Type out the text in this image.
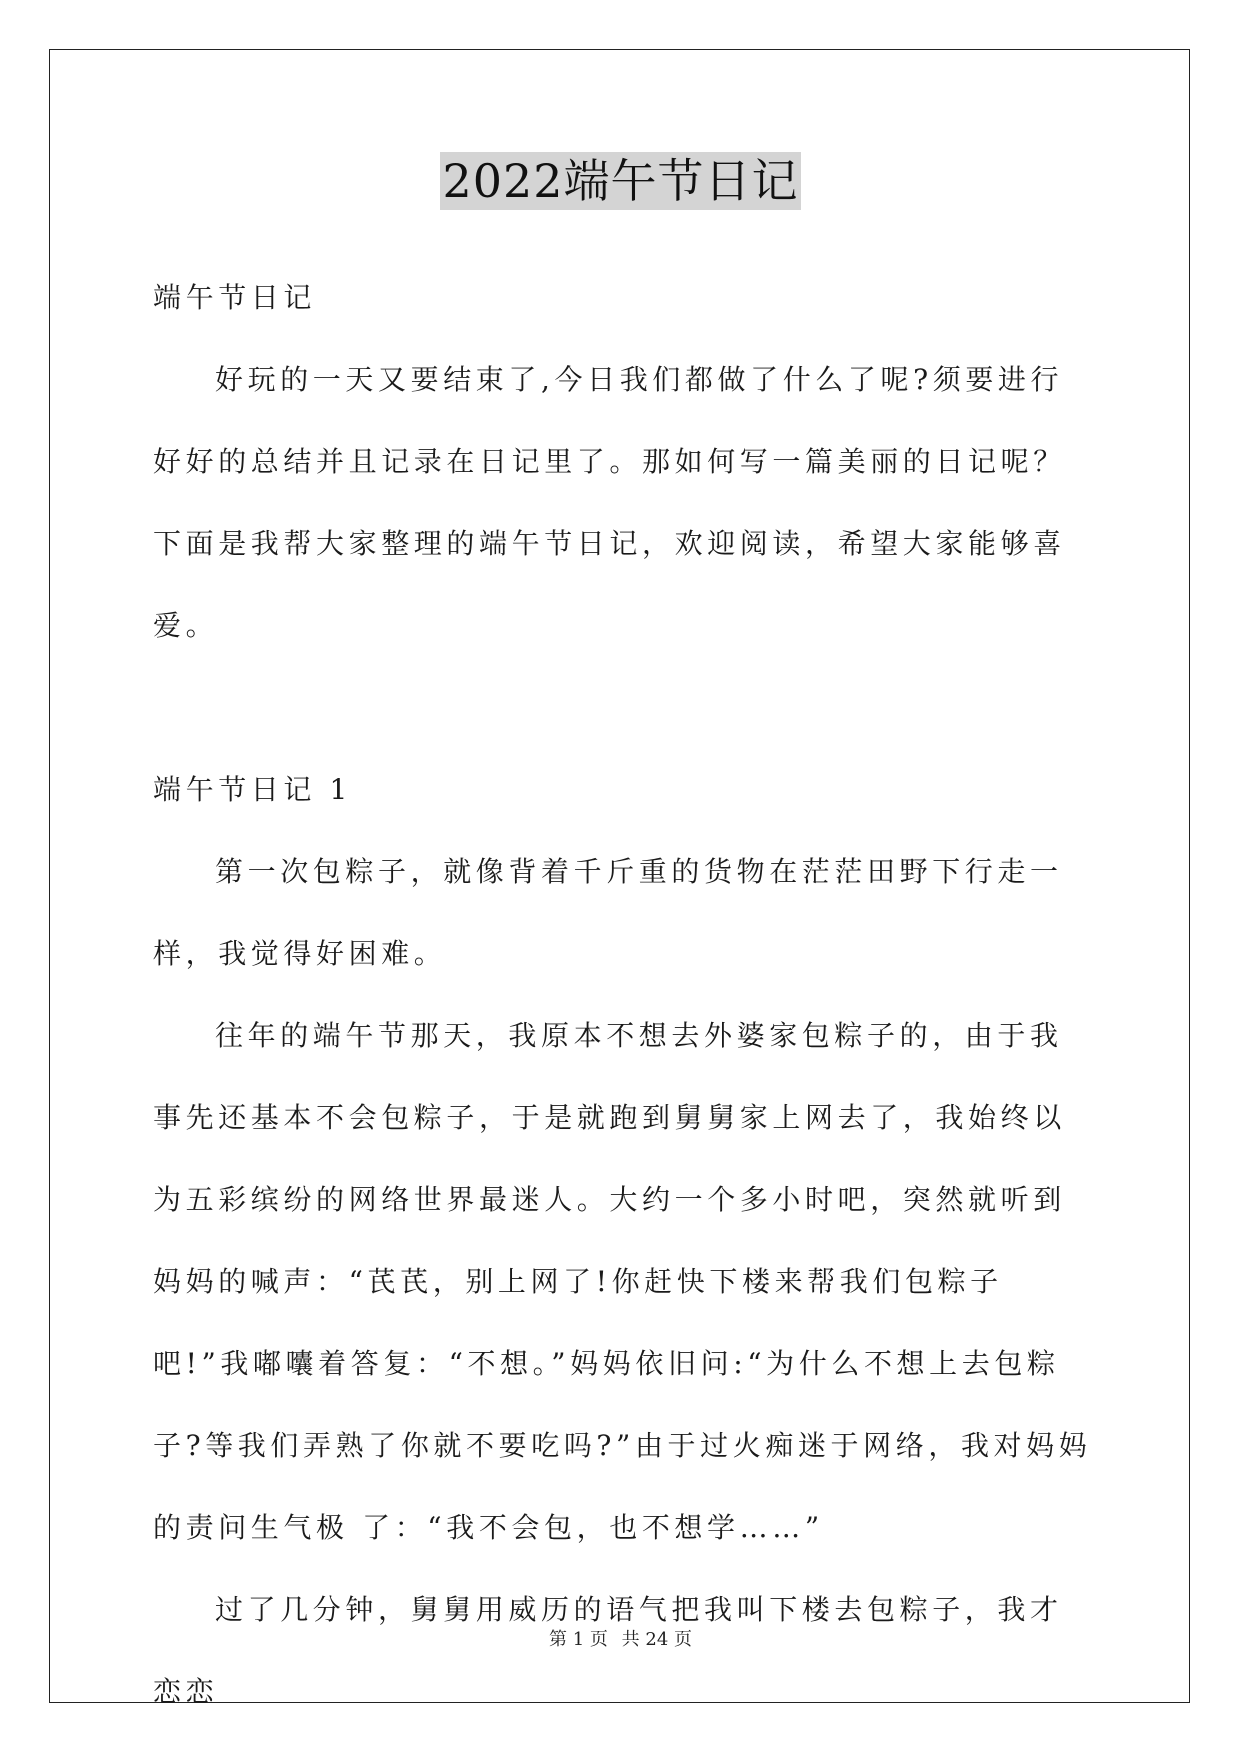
2022端午节日记

端午节日记

好玩的一天又要结束了,今日我们都做了什么了呢?须要进行好好的总结并且记录在日记里了。那如何写一篇美丽的日记呢？下面是我帮大家整理的端午节日记，欢迎阅读，希望大家能够喜爱。

端午节日记 1

第一次包粽子，就像背着千斤重的货物在茫茫田野下行走一样，我觉得好困难。

往年的端午节那天，我原本不想去外婆家包粽子的，由于我事先还基本不会包粽子，于是就跑到舅舅家上网去了，我始终以为五彩缤纷的网络世界最迷人。大约一个多小时吧，突然就听到妈妈的喊声：“芪芪，别上网了!你赶快下楼来帮我们包粽子吧!”我嘟囔着答复：“不想。”妈妈依旧问:“为什么不想上去包粽子?等我们弄熟了你就不要吃吗?”由于过火痴迷于网络，我对妈妈的责问生气极 了：“我不会包，也不想学……”

过了几分钟，舅舅用威历的语气把我叫下楼去包粽子，我才恋恋

第 1 页 共 24 页
